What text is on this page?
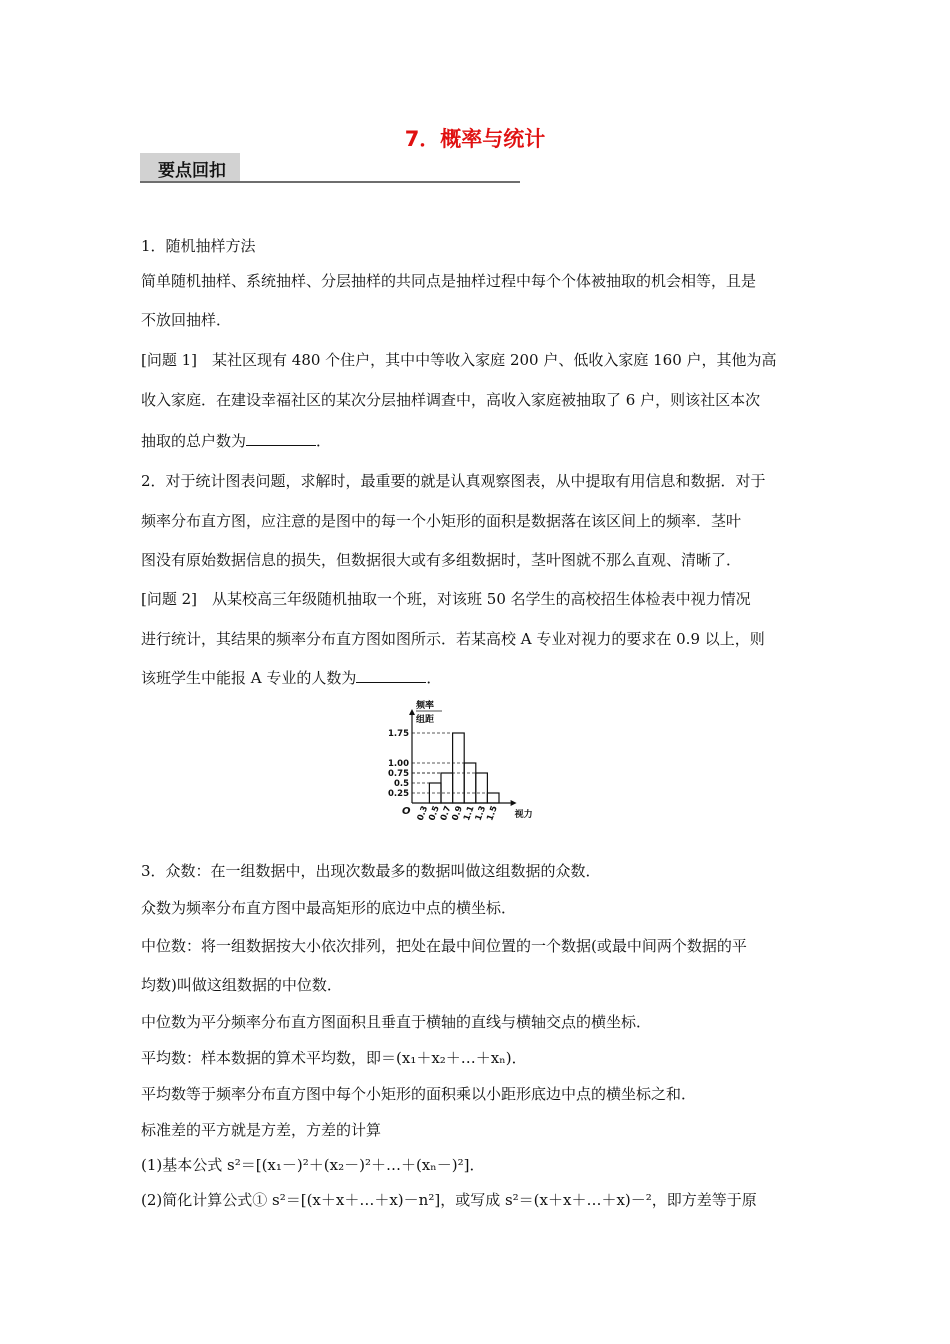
7．概率与统计
要点回扣
1．随机抽样方法
简单随机抽样、系统抽样、分层抽样的共同点是抽样过程中每个个体被抽取的机会相等，且是
不放回抽样．
[问题 1]　某社区现有 480 个住户，其中中等收入家庭 200 户、低收入家庭 160 户，其他为高
收入家庭．在建设幸福社区的某次分层抽样调查中，高收入家庭被抽取了 6 户，则该社区本次
抽取的总户数为	．
2．对于统计图表问题，求解时，最重要的就是认真观察图表，从中提取有用信息和数据．对于
频率分布直方图，应注意的是图中的每一个小矩形的面积是数据落在该区间上的频率．茎叶
图没有原始数据信息的损失，但数据很大或有多组数据时，茎叶图就不那么直观、清晰了．
[问题 2]　从某校高三年级随机抽取一个班，对该班 50 名学生的高校招生体检表中视力情况
进行统计，其结果的频率分布直方图如图所示．若某高校 A 专业对视力的要求在 0.9 以上，则
该班学生中能报 A 专业的人数为	．
1.75
1.00
0.75
0.5
0.25
0.3
0.5
0.7
0.9
1.1
1.3
1.5
O	视力
频率
组距
3．众数：在一组数据中，出现次数最多的数据叫做这组数据的众数．
众数为频率分布直方图中最高矩形的底边中点的横坐标．
中位数：将一组数据按大小依次排列，把处在最中间位置的一个数据(或最中间两个数据的平
均数)叫做这组数据的中位数．
中位数为平分频率分布直方图面积且垂直于横轴的直线与横轴交点的横坐标．
平均数：样本数据的算术平均数，即＝(x₁＋x₂＋…＋xₙ)．
平均数等于频率分布直方图中每个小矩形的面积乘以小距形底边中点的横坐标之和．
标准差的平方就是方差，方差的计算
(1)基本公式 s²＝[(x₁－)²＋(x₂－)²＋…＋(xₙ－)²]．
(2)简化计算公式① s²＝[(x＋x＋…＋x)－n²]，或写成 s²＝(x＋x＋…＋x)－²，即方差等于原
